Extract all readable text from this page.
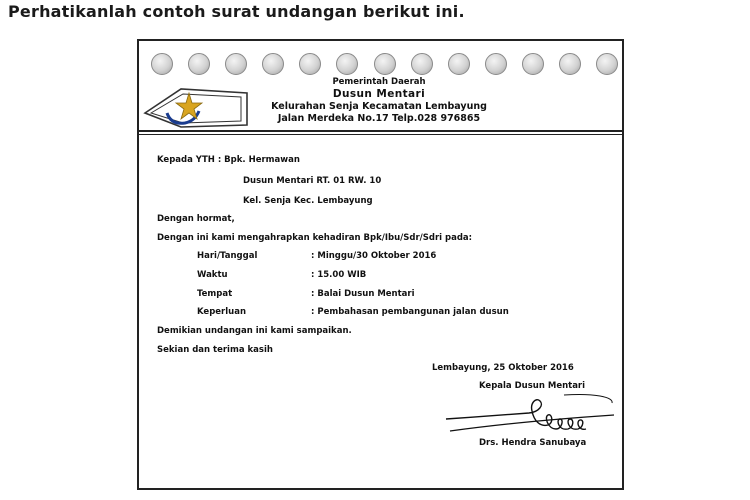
Perhatikanlah contoh surat undangan berikut ini.
Pemerintah Daerah
Dusun Mentari
Kelurahan Senja Kecamatan Lembayung
Jalan Merdeka No.17 Telp.028 976865
Kepada YTH : Bpk. Hermawan
Dusun Mentari RT. 01 RW. 10
Kel. Senja Kec. Lembayung
Dengan hormat,
Dengan ini kami mengahrapkan kehadiran Bpk/Ibu/Sdr/Sdri pada:
Hari/Tanggal	: Minggu/30 Oktober 2016
Waktu	: 15.00 WIB
Tempat	: Balai Dusun Mentari
Keperluan	: Pembahasan pembangunan jalan dusun
Demikian undangan ini kami sampaikan.
Sekian dan terima kasih
Lembayung, 25 Oktober 2016
Kepala Dusun Mentari
Drs. Hendra Sanubaya
